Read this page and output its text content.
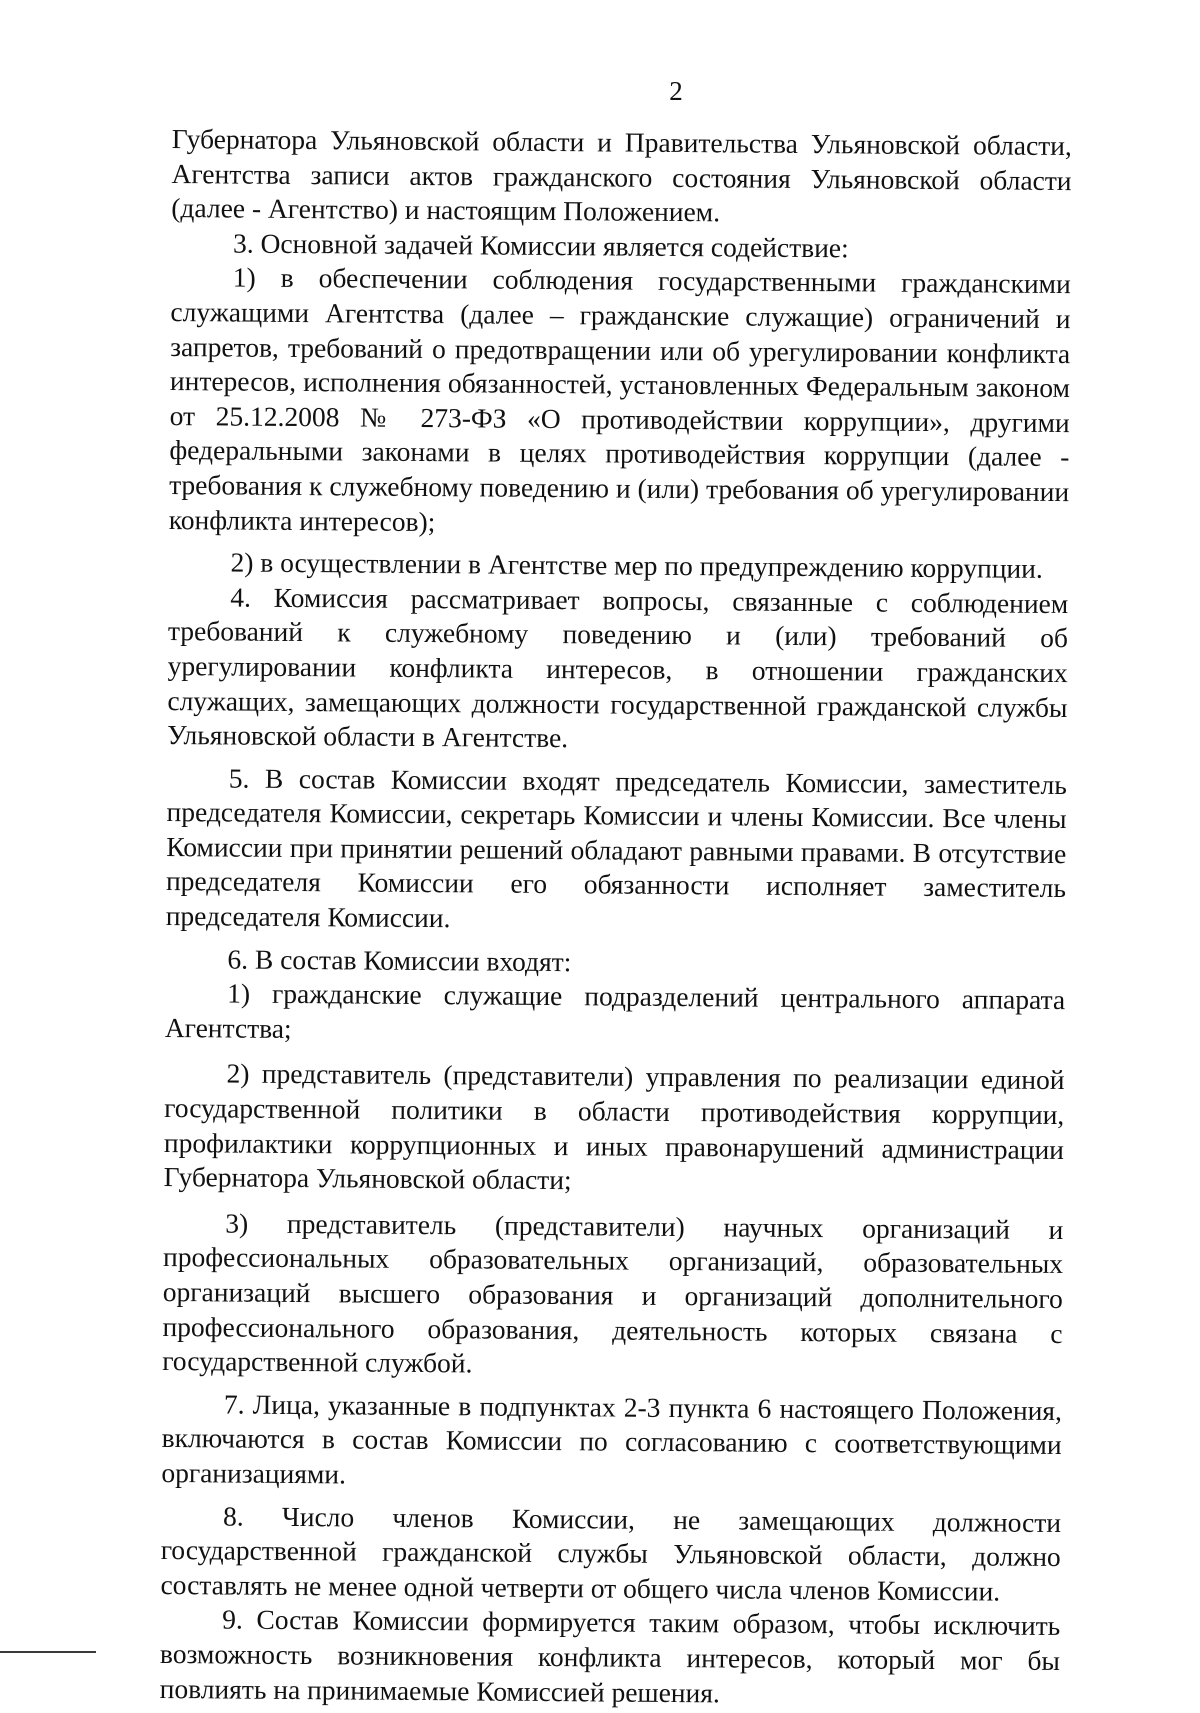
2

Губернатора Ульяновской области и Правительства Ульяновской области, Агентства записи актов гражданского состояния Ульяновской области (далее - Агентство) и настоящим Положением.

3. Основной задачей Комиссии является содействие:

1) в обеспечении соблюдения государственными гражданскими служащими Агентства (далее – гражданские служащие) ограничений и запретов, требований о предотвращении или об урегулировании конфликта интересов, исполнения обязанностей, установленных Федеральным законом от 25.12.2008 № 273-ФЗ «О противодействии коррупции», другими федеральными законами в целях противодействия коррупции (далее - требования к служебному поведению и (или) требования об урегулировании конфликта интересов);

2) в осуществлении в Агентстве мер по предупреждению коррупции.

4. Комиссия рассматривает вопросы, связанные с соблюдением требований к служебному поведению и (или) требований об урегулировании конфликта интересов, в отношении гражданских служащих, замещающих должности государственной гражданской службы Ульяновской области в Агентстве.

5. В состав Комиссии входят председатель Комиссии, заместитель председателя Комиссии, секретарь Комиссии и члены Комиссии. Все члены Комиссии при принятии решений обладают равными правами. В отсутствие председателя Комиссии его обязанности исполняет заместитель председателя Комиссии.

6. В состав Комиссии входят:

1) гражданские служащие подразделений центрального аппарата Агентства;

2) представитель (представители) управления по реализации единой государственной политики в области противодействия коррупции, профилактики коррупционных и иных правонарушений администрации Губернатора Ульяновской области;

3) представитель (представители) научных организаций и профессиональных образовательных организаций, образовательных организаций высшего образования и организаций дополнительного профессионального образования, деятельность которых связана с государственной службой.

7. Лица, указанные в подпунктах 2-3 пункта 6 настоящего Положения, включаются в состав Комиссии по согласованию с соответствующими организациями.

8. Число членов Комиссии, не замещающих должности государственной гражданской службы Ульяновской области, должно составлять не менее одной четверти от общего числа членов Комиссии.

9. Состав Комиссии формируется таким образом, чтобы исключить возможность возникновения конфликта интересов, который мог бы повлиять на принимаемые Комиссией решения.
